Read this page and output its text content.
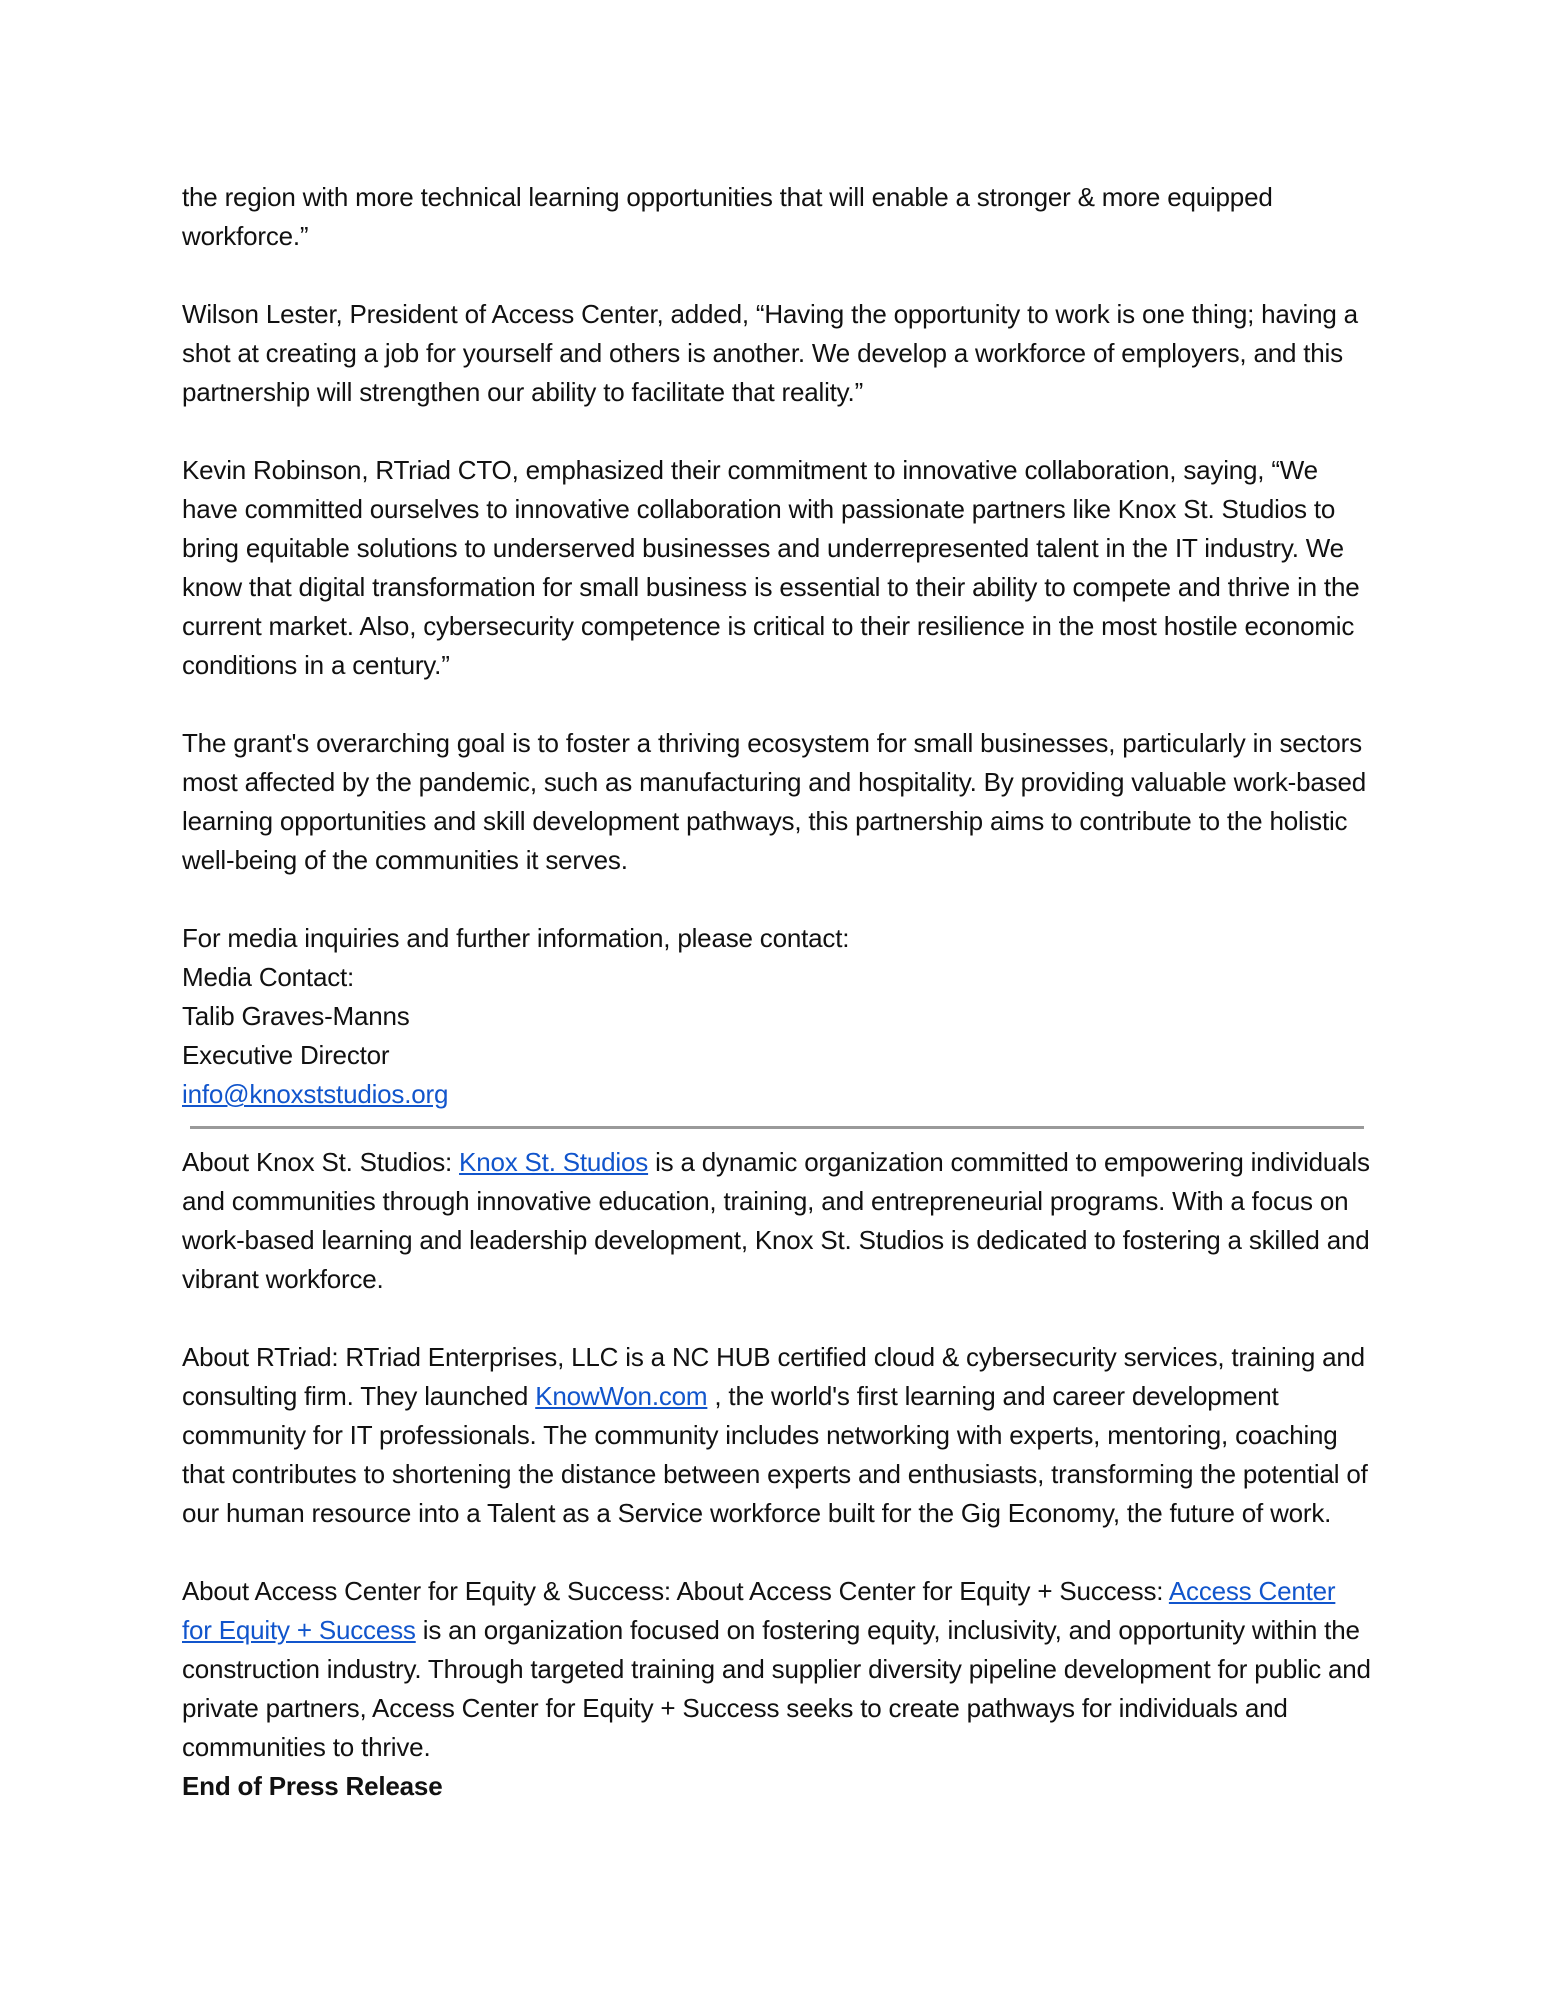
the region with more technical learning opportunities that will enable a stronger & more equipped workforce.”

Wilson Lester, President of Access Center, added, “Having the opportunity to work is one thing; having a shot at creating a job for yourself and others is another. We develop a workforce of employers, and this partnership will strengthen our ability to facilitate that reality.”

Kevin Robinson, RTriad CTO, emphasized their commitment to innovative collaboration, saying, “We have committed ourselves to innovative collaboration with passionate partners like Knox St. Studios to bring equitable solutions to underserved businesses and underrepresented talent in the IT industry. We know that digital transformation for small business is essential to their ability to compete and thrive in the current market. Also, cybersecurity competence is critical to their resilience in the most hostile economic conditions in a century.”

The grant's overarching goal is to foster a thriving ecosystem for small businesses, particularly in sectors most affected by the pandemic, such as manufacturing and hospitality. By providing valuable work-based learning opportunities and skill development pathways, this partnership aims to contribute to the holistic well-being of the communities it serves.

For media inquiries and further information, please contact:
Media Contact:
Talib Graves-Manns
Executive Director
info@knoxststudios.org

About Knox St. Studios: Knox St. Studios is a dynamic organization committed to empowering individuals and communities through innovative education, training, and entrepreneurial programs. With a focus on work-based learning and leadership development, Knox St. Studios is dedicated to fostering a skilled and vibrant workforce.

About RTriad: RTriad Enterprises, LLC is a NC HUB certified cloud & cybersecurity services, training and consulting firm. They launched KnowWon.com , the world's first learning and career development community for IT professionals. The community includes networking with experts, mentoring, coaching that contributes to shortening the distance between experts and enthusiasts, transforming the potential of our human resource into a Talent as a Service workforce built for the Gig Economy, the future of work.

About Access Center for Equity & Success: About Access Center for Equity + Success: Access Center for Equity + Success is an organization focused on fostering equity, inclusivity, and opportunity within the construction industry. Through targeted training and supplier diversity pipeline development for public and private partners, Access Center for Equity + Success seeks to create pathways for individuals and communities to thrive.

End of Press Release
